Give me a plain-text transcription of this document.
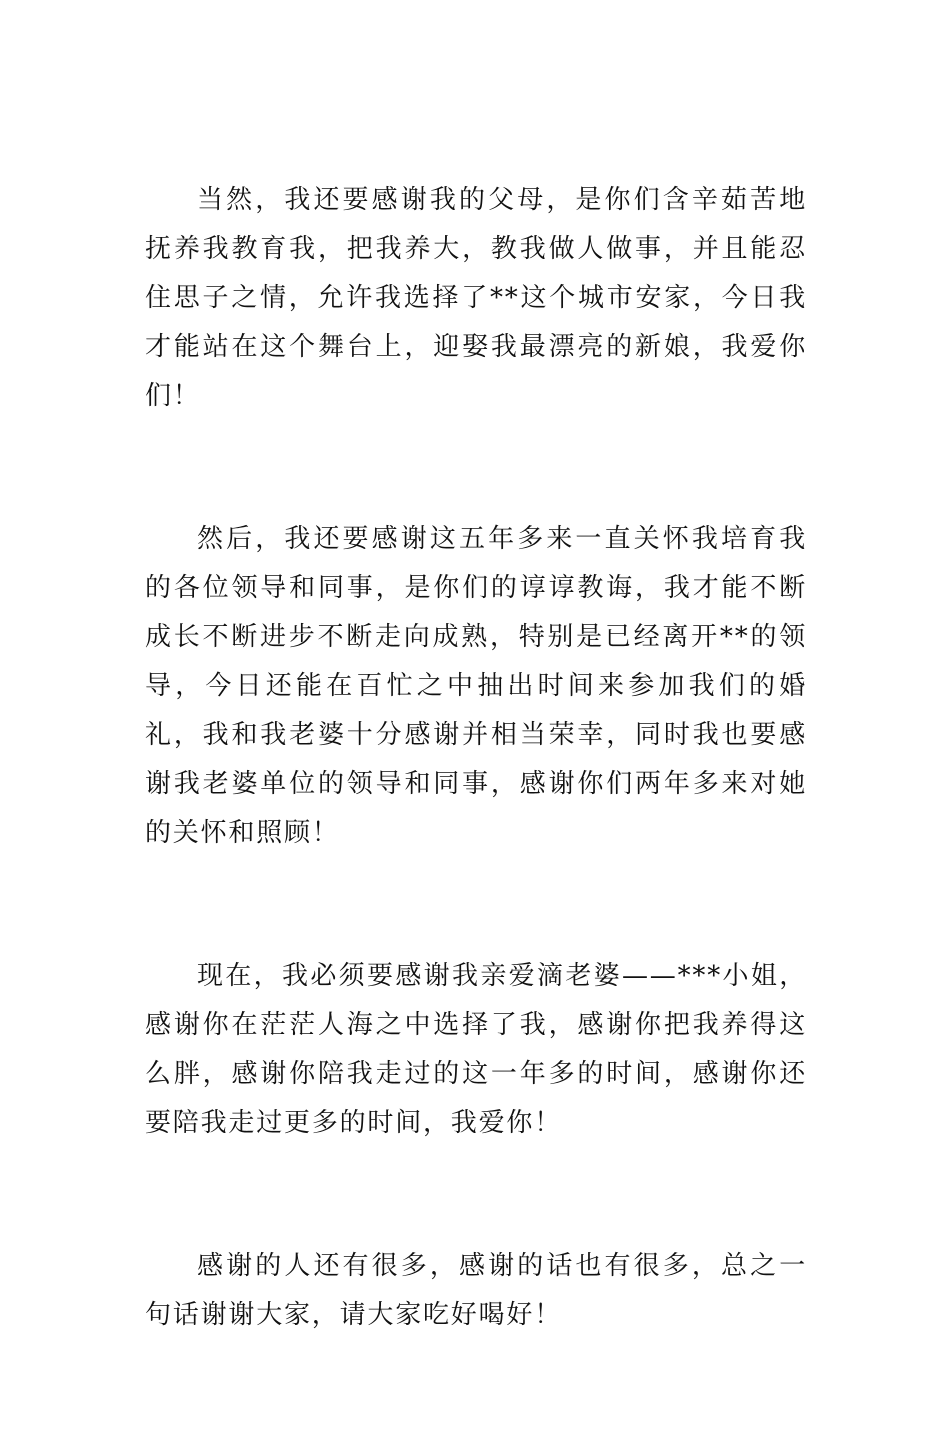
当然，我还要感谢我的父母，是你们含辛茹苦地抚养我教育我，把我养大，教我做人做事，并且能忍住思子之情，允许我选择了**这个城市安家，今日我才能站在这个舞台上，迎娶我最漂亮的新娘，我爱你们！

然后，我还要感谢这五年多来一直关怀我培育我的各位领导和同事，是你们的谆谆教诲，我才能不断成长不断进步不断走向成熟，特别是已经离开**的领导，今日还能在百忙之中抽出时间来参加我们的婚礼，我和我老婆十分感谢并相当荣幸，同时我也要感谢我老婆单位的领导和同事，感谢你们两年多来对她的关怀和照顾！

现在，我必须要感谢我亲爱滴老婆——***小姐，感谢你在茫茫人海之中选择了我，感谢你把我养得这么胖，感谢你陪我走过的这一年多的时间，感谢你还要陪我走过更多的时间，我爱你！

感谢的人还有很多，感谢的话也有很多，总之一句话谢谢大家，请大家吃好喝好！
